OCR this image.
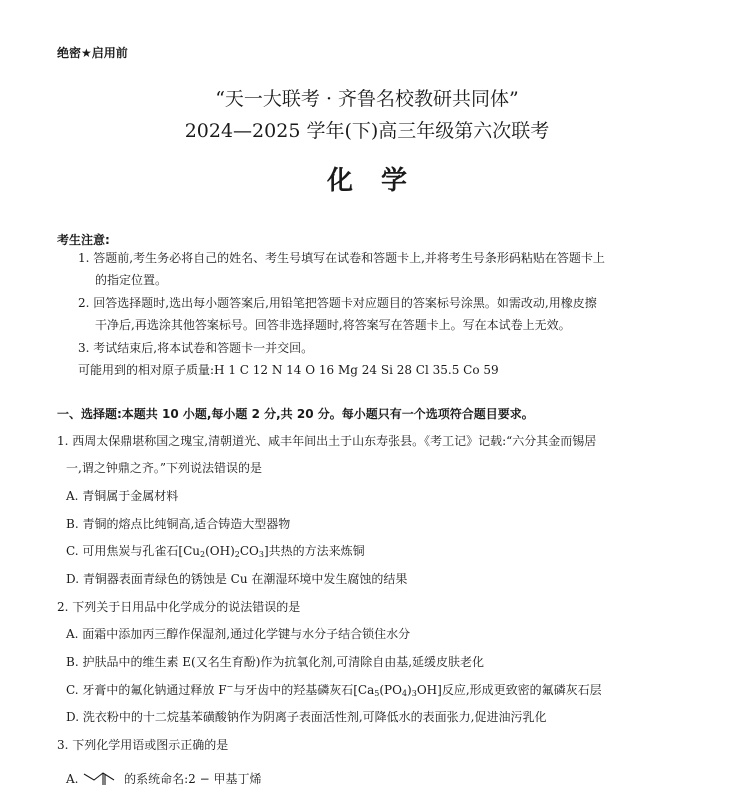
绝密★启用前
“天一大联考 · 齐鲁名校教研共同体”
2024—2025 学年(下)高三年级第六次联考
化学
考生注意:
1. 答题前,考生务必将自己的姓名、考生号填写在试卷和答题卡上,并将考生号条形码粘贴在答题卡上
的指定位置。
2. 回答选择题时,选出每小题答案后,用铅笔把答题卡对应题目的答案标号涂黑。如需改动,用橡皮擦
干净后,再选涂其他答案标号。回答非选择题时,将答案写在答题卡上。写在本试卷上无效。
3. 考试结束后,将本试卷和答题卡一并交回。
可能用到的相对原子质量:H 1 C 12 N 14 O 16 Mg 24 Si 28 Cl 35.5 Co 59
一、选择题:本题共 10 小题,每小题 2 分,共 20 分。每小题只有一个选项符合题目要求。
1. 西周太保鼎堪称国之瑰宝,清朝道光、咸丰年间出土于山东寿张县。《考工记》记载:“六分其金而锡居
一,谓之钟鼎之齐。”下列说法错误的是
A. 青铜属于金属材料
B. 青铜的熔点比纯铜高,适合铸造大型器物
C. 可用焦炭与孔雀石$[Cu_2(OH)_2CO_3]$共热的方法来炼铜
D. 青铜器表面青绿色的锈蚀是 Cu 在潮湿环境中发生腐蚀的结果
2. 下列关于日用品中化学成分的说法错误的是
A. 面霜中添加丙三醇作保湿剂,通过化学键与水分子结合锁住水分
B. 护肤品中的维生素 E(又名生育酚)作为抗氧化剂,可清除自由基,延缓皮肤老化
C. 牙膏中的氟化钠通过释放 F−与牙齿中的羟基磷灰石$[Ca_5(PO_4)_3OH]$反应,形成更致密的氟磷灰石层
D. 洗衣粉中的十二烷基苯磺酸钠作为阴离子表面活性剂,可降低水的表面张力,促进油污乳化
3. 下列化学用语或图示正确的是
A.	的系统命名:2 − 甲基丁烯
